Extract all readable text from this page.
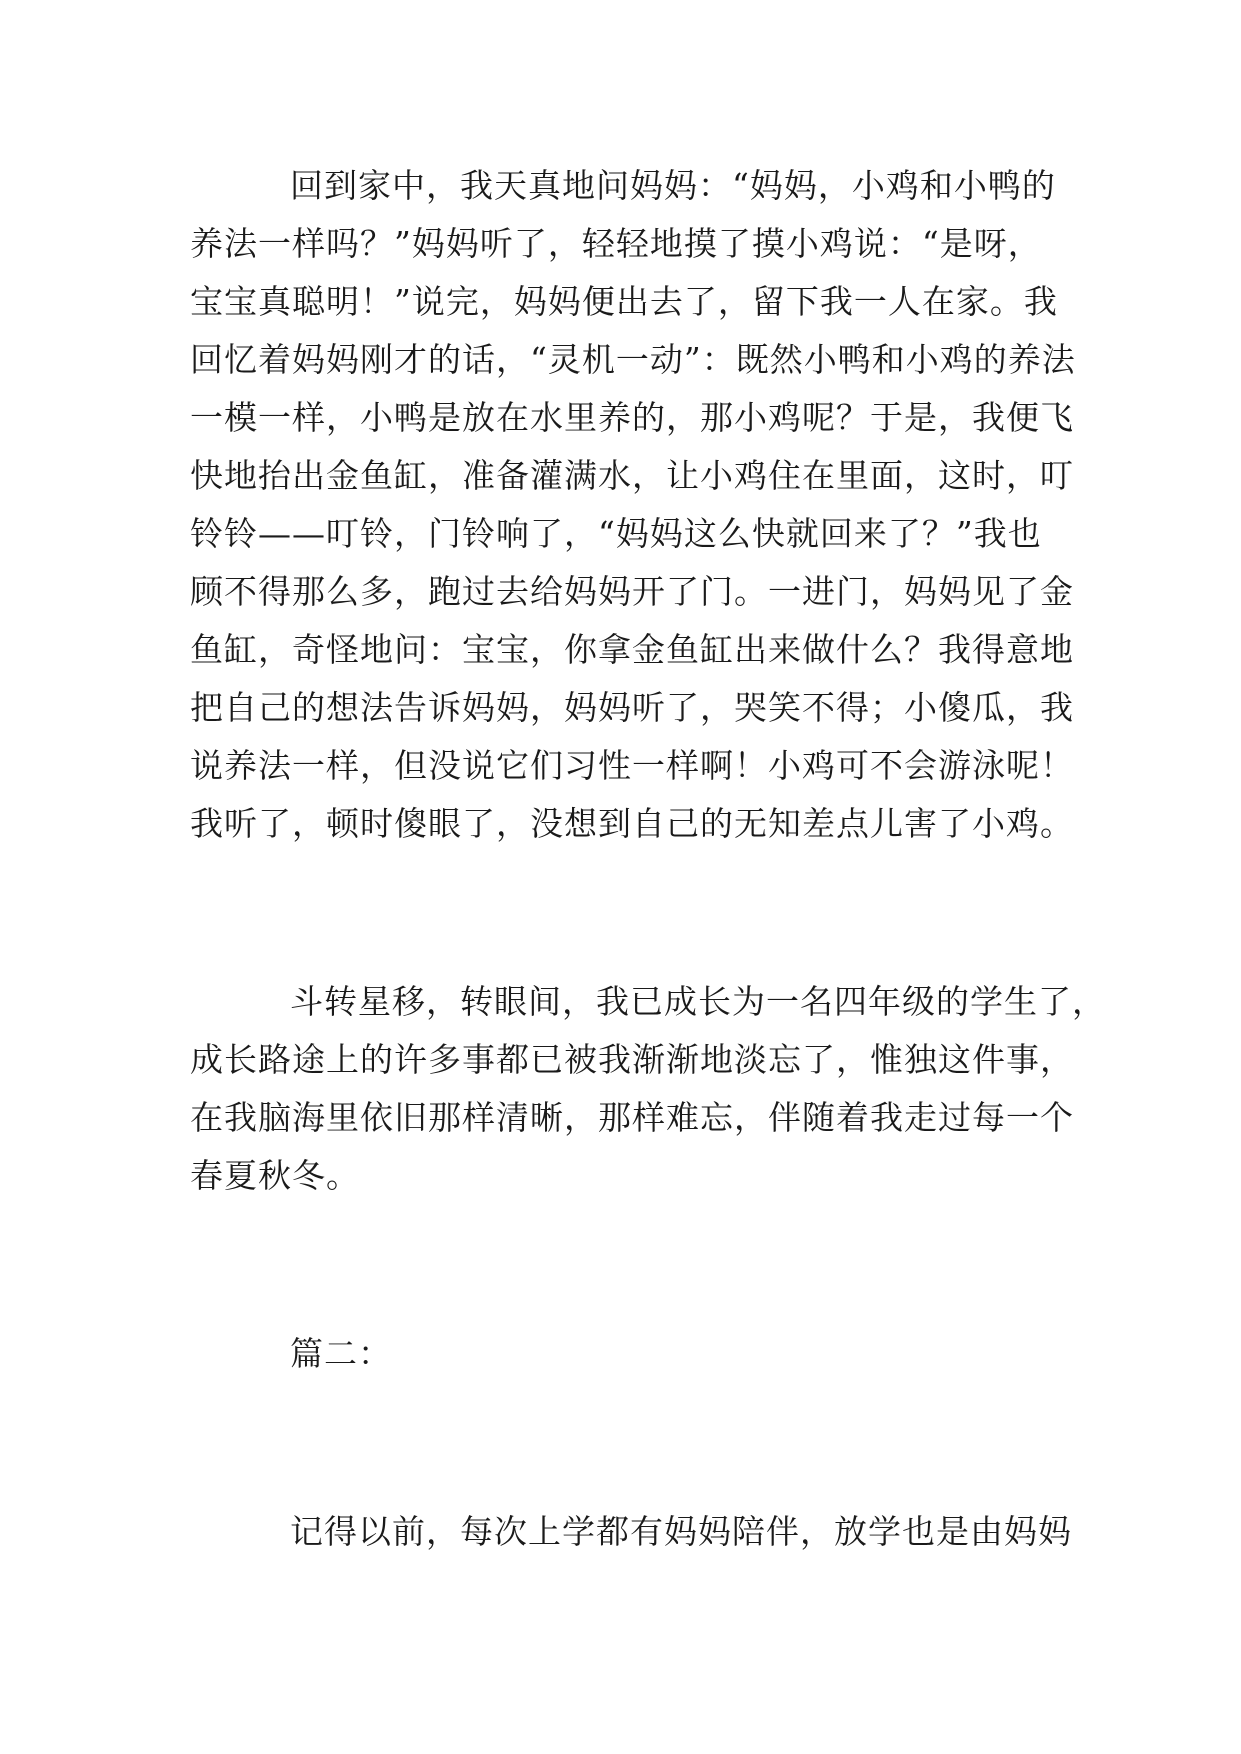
回到家中，我天真地问妈妈：“妈妈，小鸡和小鸭的
养法一样吗？”妈妈听了，轻轻地摸了摸小鸡说：“是呀，
宝宝真聪明！”说完，妈妈便出去了，留下我一人在家。我
回忆着妈妈刚才的话，“灵机一动”：既然小鸭和小鸡的养法
一模一样，小鸭是放在水里养的，那小鸡呢？于是，我便飞
快地抬出金鱼缸，准备灌满水，让小鸡住在里面，这时，叮
铃铃——叮铃，门铃响了，“妈妈这么快就回来了？”我也
顾不得那么多，跑过去给妈妈开了门。一进门，妈妈见了金
鱼缸，奇怪地问：宝宝，你拿金鱼缸出来做什么？我得意地
把自己的想法告诉妈妈，妈妈听了，哭笑不得；小傻瓜，我
说养法一样，但没说它们习性一样啊！小鸡可不会游泳呢！
我听了，顿时傻眼了，没想到自己的无知差点儿害了小鸡。
斗转星移，转眼间，我已成长为一名四年级的学生了，
成长路途上的许多事都已被我渐渐地淡忘了，惟独这件事，
在我脑海里依旧那样清晰，那样难忘，伴随着我走过每一个
春夏秋冬。
篇二：
记得以前，每次上学都有妈妈陪伴，放学也是由妈妈
